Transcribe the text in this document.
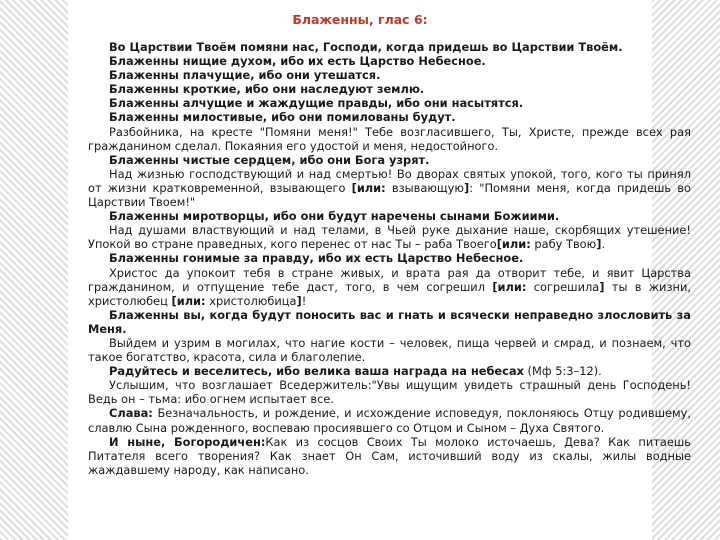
Блаженны, глас 6:

Во Царствии Твоём помяни нас, Господи, когда придешь во Царствии Твоём.

Блаженны нищие духом, ибо их есть Царство Небесное.

Блаженны плачущие, ибо они утешатся.

Блаженны кроткие, ибо они наследуют землю.

Блаженны алчущие и жаждущие правды, ибо они насытятся.

Блаженны милостивые, ибо они помилованы будут.

Разбойника, на кресте "Помяни меня!" Тебе возгласившего, Ты, Христе, прежде всех рая гражданином сделал. Покаяния его удостой и меня, недостойного.

Блаженны чистые сердцем, ибо они Бога узрят.

Над жизнью господствующий и над смертью! Во дворах святых упокой, того, кого ты принял от жизни кратковременной, взывающего [или: взывающую]: "Помяни меня, когда придешь во Царствии Твоем!"

Блаженны миротворцы, ибо они будут наречены сынами Божиими.

Над душами властвующий и над телами, в Чьей руке дыхание наше, скорбящих утешение! Упокой во стране праведных, кого перенес от нас Ты – раба Твоего[или: рабу Твою].

Блаженны гонимые за правду, ибо их есть Царство Небесное.

Христос да упокоит тебя в стране живых, и врата рая да отворит тебе, и явит Царства гражданином, и отпущение тебе даст, того, в чем согрешил [или: согрешила] ты в жизни, христолюбец [или: христолюбица]!

Блаженны вы, когда будут поносить вас и гнать и всячески неправедно злословить за Меня.

Выйдем и узрим в могилах, что нагие кости – человек, пища червей и смрад, и познаем, что такое богатство, красота, сила и благолепие.

Радуйтесь и веселитесь, ибо велика ваша награда на небесах (Мф 5:3–12).

Услышим, что возглашает Вседержитель:"Увы ищущим увидеть страшный день Господень! Ведь он – тьма: ибо огнем испытает все.

Слава: Безначальность, и рождение, и исхождение исповедуя, поклоняюсь Отцу родившему, славлю Сына рожденного, воспеваю просиявшего со Отцом и Сыном – Духа Святого.

И ныне, Богородичен:Как из сосцов Своих Ты молоко источаешь, Дева? Как питаешь Питателя всего творения? Как знает Он Сам, источивший воду из скалы, жилы водные жаждавшему народу, как написано.
